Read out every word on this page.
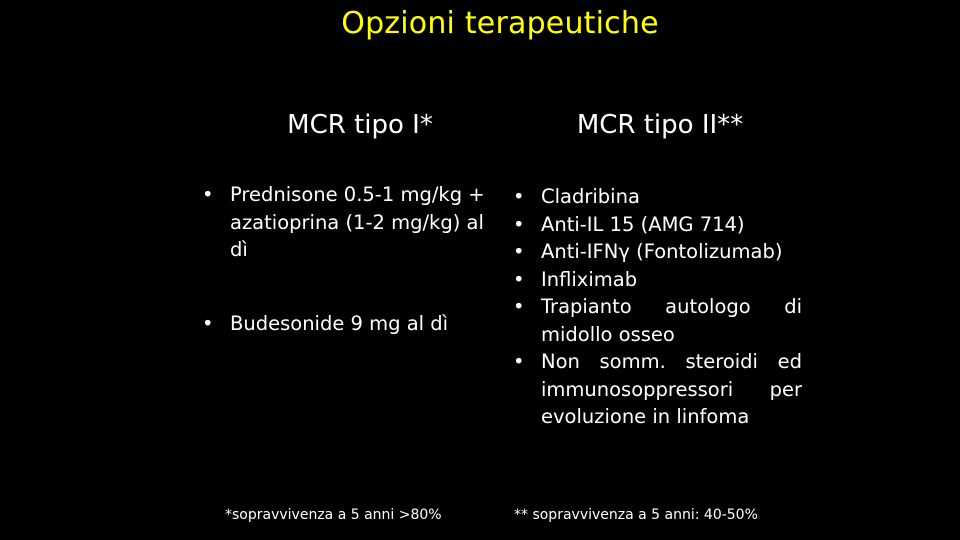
Opzioni terapeutiche
MCR tipo I*	MCR tipo II**
• Prednisone 0.5-1 mg/kg + azatioprina (1-2 mg/kg) al dì
• Budesonide 9 mg al dì
• Cladribina
• Anti-IL 15 (AMG 714)
• Anti-IFNγ (Fontolizumab)
• Infliximab
• Trapianto autologo di midollo osseo
• Non somm. steroidi ed immunosoppressori per evoluzione in linfoma
*sopravvivenza a 5 anni >80%	** sopravvivenza a 5 anni: 40-50%
